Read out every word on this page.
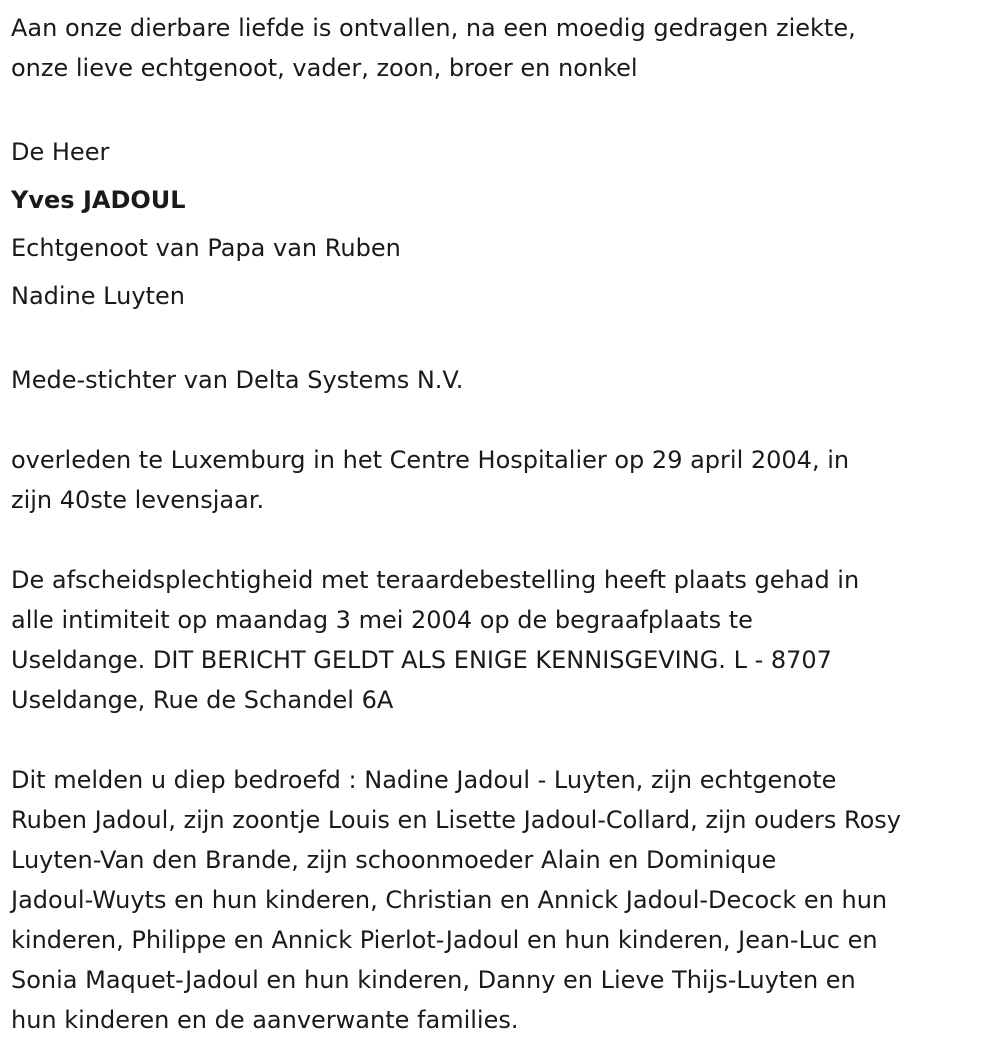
Aan onze dierbare liefde is ontvallen, na een moedig gedragen ziekte,
onze lieve echtgenoot, vader, zoon, broer en nonkel
De Heer
Yves JADOUL
Echtgenoot van Papa van Ruben
Nadine Luyten
Mede-stichter van Delta Systems N.V.
overleden te Luxemburg in het Centre Hospitalier op 29 april 2004, in
zijn 40ste levensjaar.
De afscheidsplechtigheid met teraardebestelling heeft plaats gehad in
alle intimiteit op maandag 3 mei 2004 op de begraafplaats te
Useldange. DIT BERICHT GELDT ALS ENIGE KENNISGEVING. L - 8707
Useldange, Rue de Schandel 6A
Dit melden u diep bedroefd : Nadine Jadoul - Luyten, zijn echtgenote
Ruben Jadoul, zijn zoontje Louis en Lisette Jadoul-Collard, zijn ouders Rosy
Luyten-Van den Brande, zijn schoonmoeder Alain en Dominique
Jadoul-Wuyts en hun kinderen, Christian en Annick Jadoul-Decock en hun
kinderen, Philippe en Annick Pierlot-Jadoul en hun kinderen, Jean-Luc en
Sonia Maquet-Jadoul en hun kinderen, Danny en Lieve Thijs-Luyten en
hun kinderen en de aanverwante families.
